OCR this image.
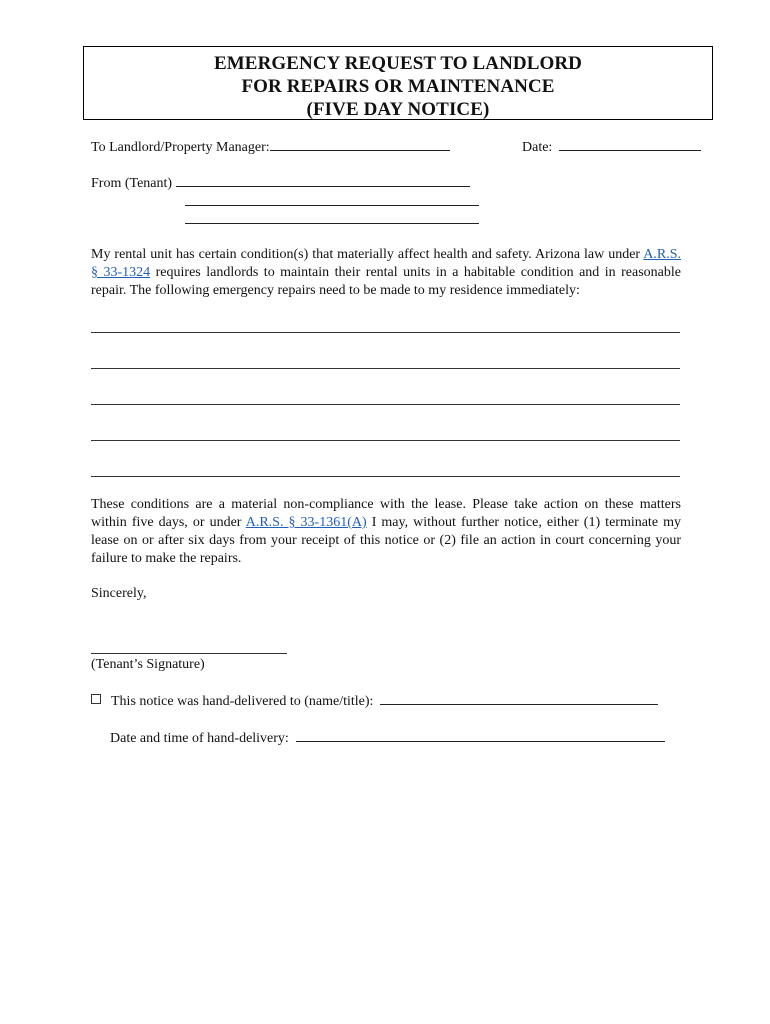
EMERGENCY REQUEST TO LANDLORD
FOR REPAIRS OR MAINTENANCE
(FIVE DAY NOTICE)
To Landlord/Property Manager:	Date:
From (Tenant)
My rental unit has certain condition(s) that materially affect health and safety. Arizona law under A.R.S. § 33-1324 requires landlords to maintain their rental units in a habitable condition and in reasonable repair. The following emergency repairs need to be made to my residence immediately:
These conditions are a material non-compliance with the lease. Please take action on these matters within five days, or under A.R.S. § 33-1361(A) I may, without further notice, either (1) terminate my lease on or after six days from your receipt of this notice or (2) file an action in court concerning your failure to make the repairs.
Sincerely,
(Tenant’s Signature)
This notice was hand-delivered to (name/title):
Date and time of hand-delivery:
